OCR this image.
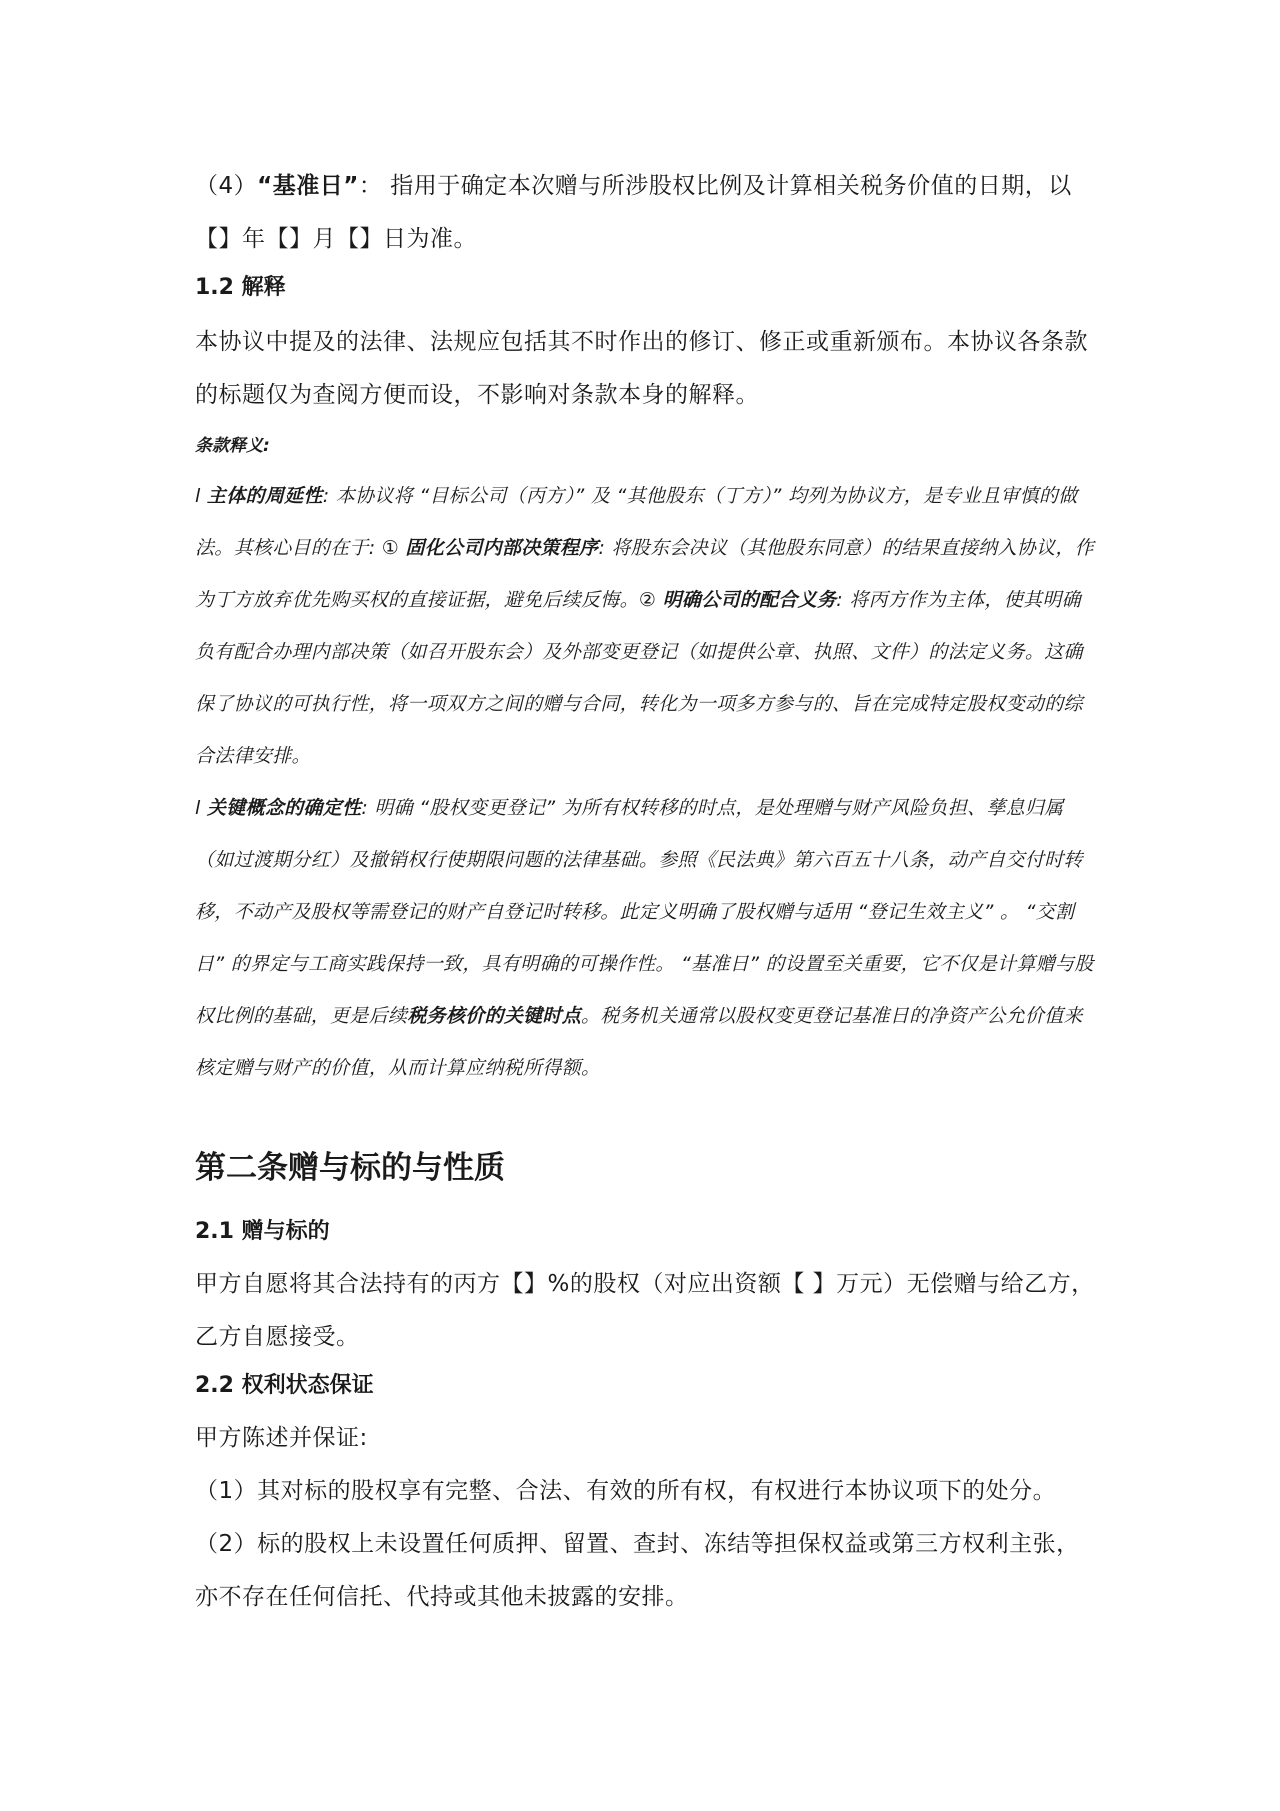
（4）“基准日”： 指用于确定本次赠与所涉股权比例及计算相关税务价值的日期，以【】年【】月【】日为准。

1.2 解释

本协议中提及的法律、法规应包括其不时作出的修订、修正或重新颁布。本协议各条款的标题仅为查阅方便而设，不影响对条款本身的解释。

条款释义:

l 主体的周延性: 本协议将 “目标公司（丙方）” 及 “其他股东（丁方）” 均列为协议方，是专业且审慎的做法。其核心目的在于: ① 固化公司内部决策程序: 将股东会决议（其他股东同意）的结果直接纳入协议，作为丁方放弃优先购买权的直接证据，避免后续反悔。② 明确公司的配合义务: 将丙方作为主体，使其明确负有配合办理内部决策（如召开股东会）及外部变更登记（如提供公章、执照、文件）的法定义务。这确保了协议的可执行性，将一项双方之间的赠与合同，转化为一项多方参与的、旨在完成特定股权变动的综合法律安排。

l 关键概念的确定性: 明确 “股权变更登记” 为所有权转移的时点，是处理赠与财产风险负担、孳息归属（如过渡期分红）及撤销权行使期限问题的法律基础。参照《民法典》第六百五十八条，动产自交付时转移，不动产及股权等需登记的财产自登记时转移。此定义明确了股权赠与适用 “登记生效主义” 。 “交割日” 的界定与工商实践保持一致，具有明确的可操作性。 “基准日” 的设置至关重要，它不仅是计算赠与股权比例的基础，更是后续税务核价的关键时点。税务机关通常以股权变更登记基准日的净资产公允价值来核定赠与财产的价值，从而计算应纳税所得额。

第二条赠与标的与性质
2.1 赠与标的

甲方自愿将其合法持有的丙方【】%的股权（对应出资额【 】万元）无偿赠与给乙方，乙方自愿接受。

2.2 权利状态保证

甲方陈述并保证:

（1）其对标的股权享有完整、合法、有效的所有权，有权进行本协议项下的处分。

（2）标的股权上未设置任何质押、留置、查封、冻结等担保权益或第三方权利主张，亦不存在任何信托、代持或其他未披露的安排。
